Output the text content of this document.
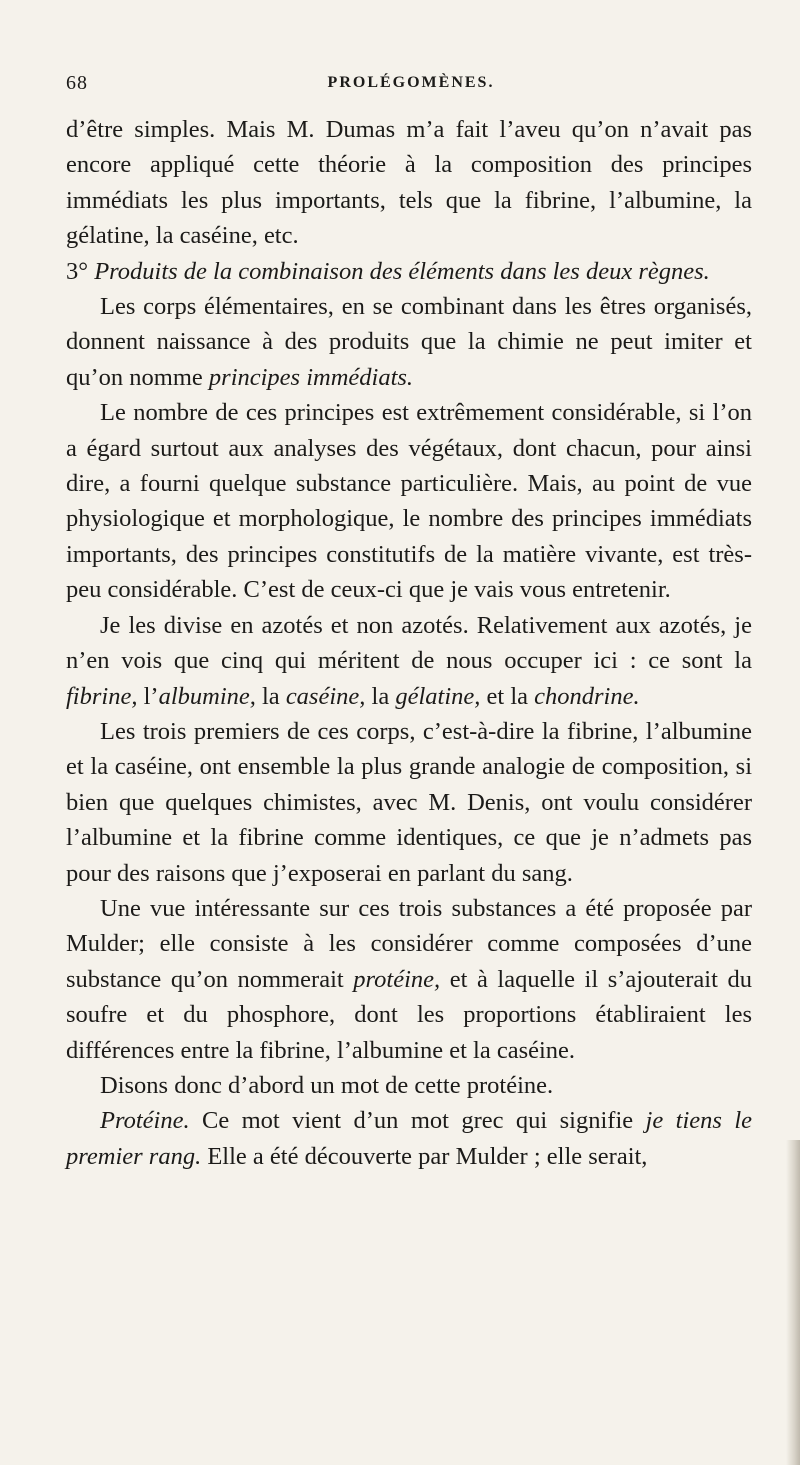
68	PROLÉGOMÈNES.

d’être simples. Mais M. Dumas m’a fait l’aveu qu’on n’avait pas encore appliqué cette théorie à la composition des principes immédiats les plus importants, tels que la fibrine, l’albumine, la gélatine, la caséine, etc.

3° Produits de la combinaison des éléments dans les deux règnes.

Les corps élémentaires, en se combinant dans les êtres organisés, donnent naissance à des produits que la chimie ne peut imiter et qu’on nomme principes immédiats.

Le nombre de ces principes est extrêmement considérable, si l’on a égard surtout aux analyses des végétaux, dont chacun, pour ainsi dire, a fourni quelque substance particulière. Mais, au point de vue physiologique et morphologique, le nombre des principes immédiats importants, des principes constitutifs de la matière vivante, est très-peu considérable. C’est de ceux-ci que je vais vous entretenir.

Je les divise en azotés et non azotés. Relativement aux azotés, je n’en vois que cinq qui méritent de nous occuper ici : ce sont la fibrine, l’albumine, la caséine, la gélatine, et la chondrine.

Les trois premiers de ces corps, c’est-à-dire la fibrine, l’albumine et la caséine, ont ensemble la plus grande analogie de composition, si bien que quelques chimistes, avec M. Denis, ont voulu considérer l’albumine et la fibrine comme identiques, ce que je n’admets pas pour des raisons que j’exposerai en parlant du sang.

Une vue intéressante sur ces trois substances a été proposée par Mulder; elle consiste à les considérer comme composées d’une substance qu’on nommerait protéine, et à laquelle il s’ajouterait du soufre et du phosphore, dont les proportions établiraient les différences entre la fibrine, l’albumine et la caséine.

Disons donc d’abord un mot de cette protéine.

Protéine. Ce mot vient d’un mot grec qui signifie je tiens le premier rang. Elle a été découverte par Mulder ; elle serait,
